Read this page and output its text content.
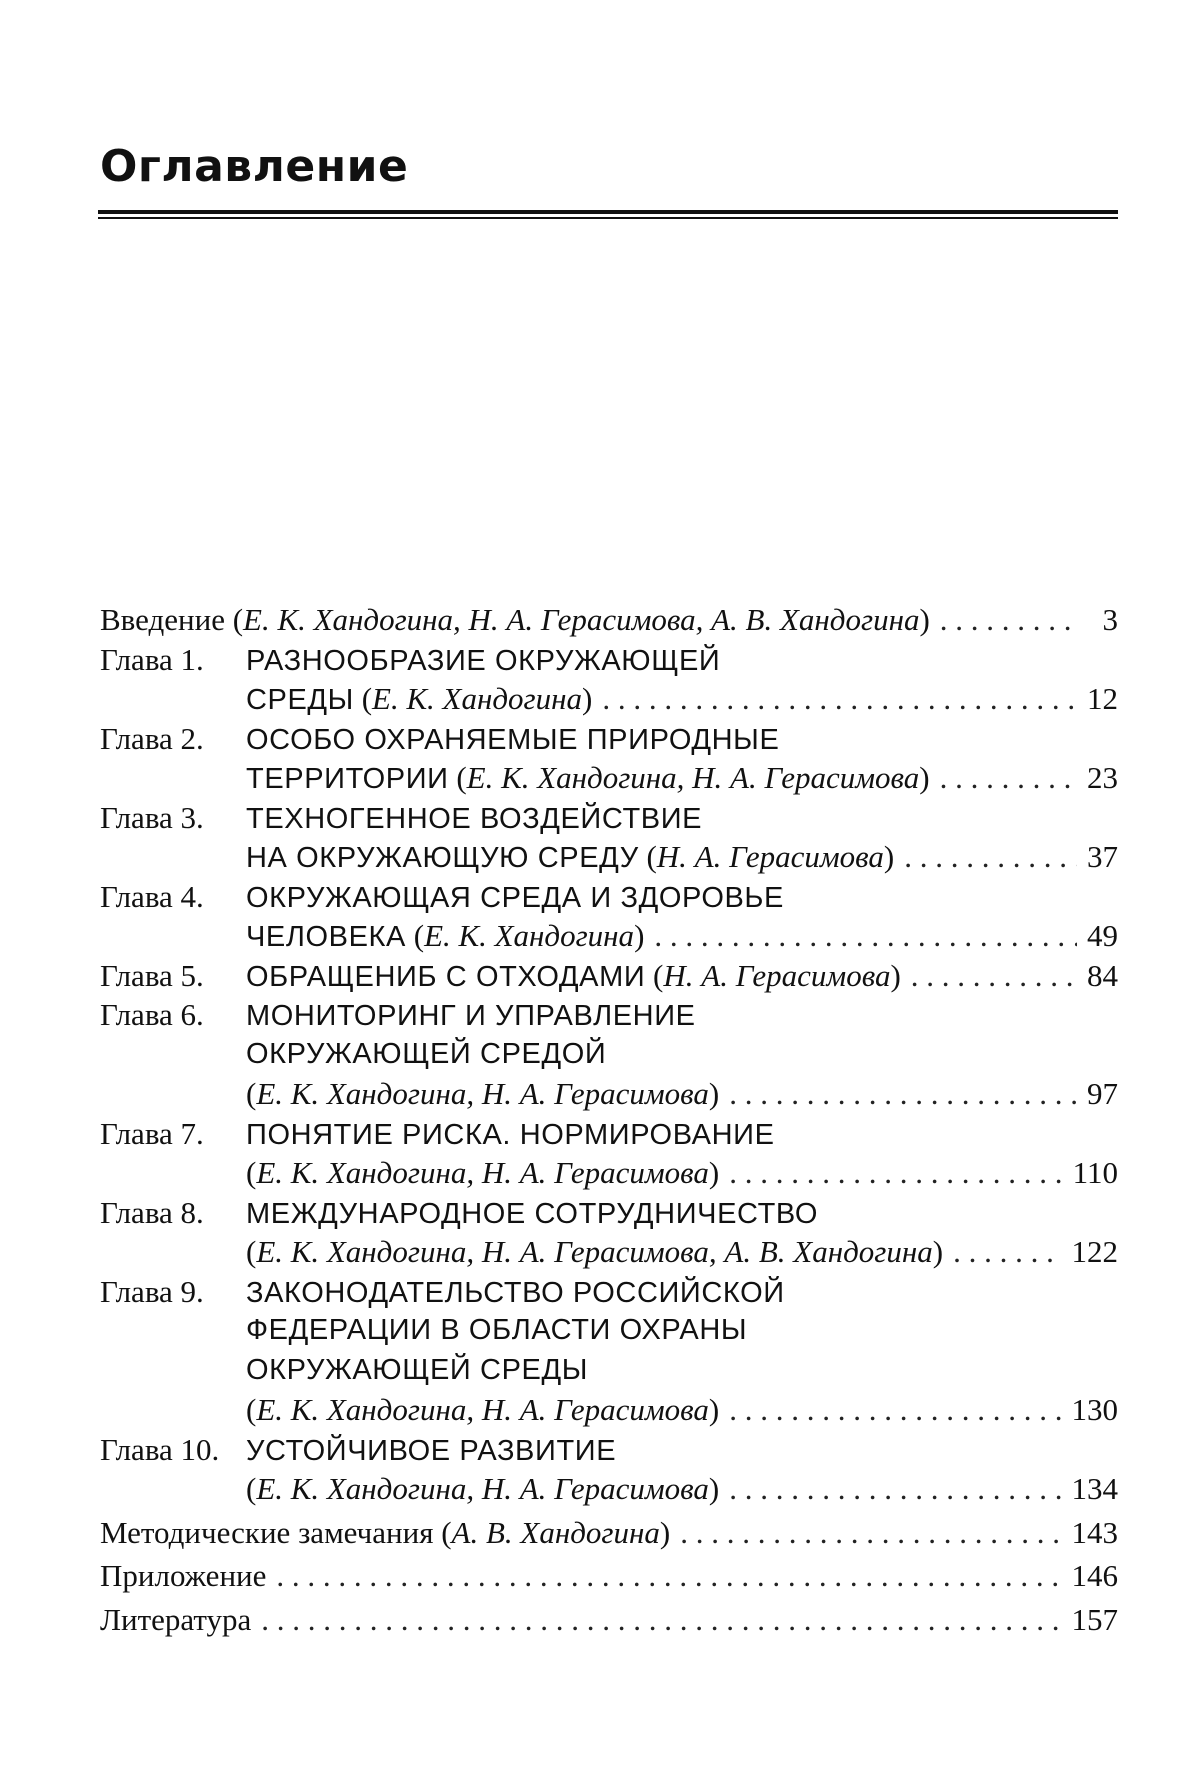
Оглавление
Введение (Е. К. Хандогина, Н. А. Герасимова, А. В. Хандогина) . . .	3
Глава 1.	РАЗНООБРАЗИЕ ОКРУЖАЮЩЕЙ
СРЕДЫ (Е. К. Хандогина) . . .	12
Глава 2.	ОСОБО ОХРАНЯЕМЫЕ ПРИРОДНЫЕ
ТЕРРИТОРИИ (Е. К. Хандогина, Н. А. Герасимова) . . .	23
Глава 3.	ТЕХНОГЕННОЕ ВОЗДЕЙСТВИЕ
НА ОКРУЖАЮЩУЮ СРЕДУ (Н. А. Герасимова) . . .	37
Глава 4.	ОКРУЖАЮЩАЯ СРЕДА И ЗДОРОВЬЕ
ЧЕЛОВЕКА (Е. К. Хандогина) . . .	49
Глава 5.	ОБРАЩЕНИБ С ОТХОДАМИ (Н. А. Герасимова) . . .	84
Глава 6.	МОНИТОРИНГ И УПРАВЛЕНИЕ
ОКРУЖАЮЩЕЙ СРЕДОЙ
(Е. К. Хандогина, Н. А. Герасимова) . . .	97
Глава 7.	ПОНЯТИЕ РИСКА. НОРМИРОВАНИЕ
(Е. К. Хандогина, Н. А. Герасимова) . . .	110
Глава 8.	МЕЖДУНАРОДНОЕ СОТРУДНИЧЕСТВО
(Е. К. Хандогина, Н. А. Герасимова, А. В. Хандогина) . . .	122
Глава 9.	ЗАКОНОДАТЕЛЬСТВО РОССИЙСКОЙ
ФЕДЕРАЦИИ В ОБЛАСТИ ОХРАНЫ
ОКРУЖАЮЩЕЙ СРЕДЫ
(Е. К. Хандогина, Н. А. Герасимова) . . .	130
Глава 10. УСТОЙЧИВОЕ РАЗВИТИЕ
(Е. К. Хандогина, Н. А. Герасимова) . . .	134
Методические замечания (А. В. Хандогина) . . .	143
Приложение . . .	146
Литература . . .	157
